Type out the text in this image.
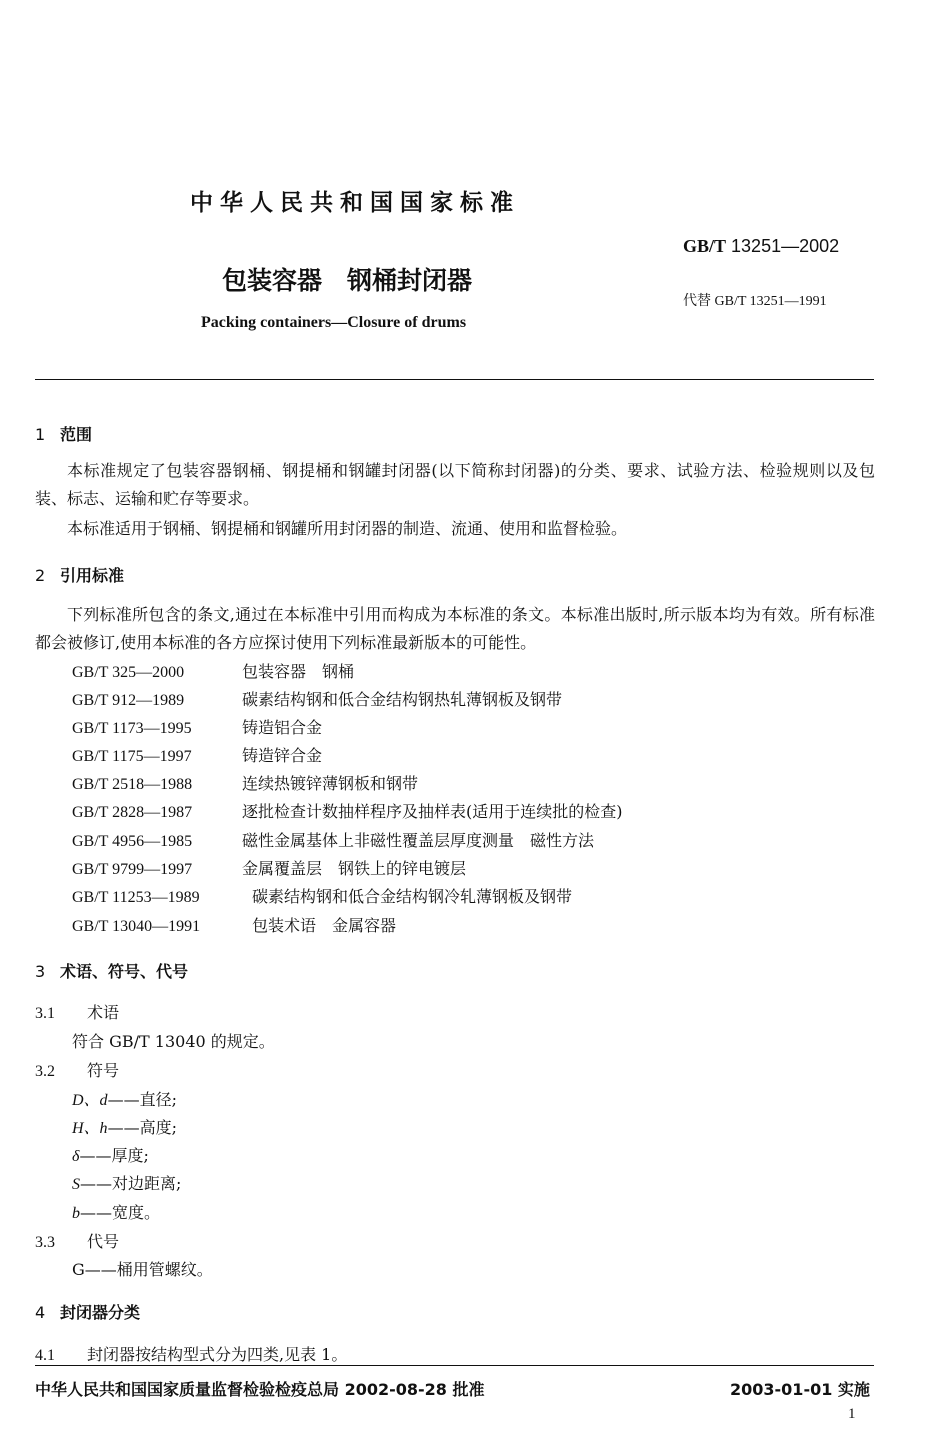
中华人民共和国国家标准
GB/T 13251—2002
包装容器　钢桶封闭器
代替 GB/T 13251—1991
Packing containers—Closure of drums
1 范围
本标准规定了包装容器钢桶、钢提桶和钢罐封闭器(以下简称封闭器)的分类、要求、试验方法、检验规则以及包装、标志、运输和贮存等要求。
本标准适用于钢桶、钢提桶和钢罐所用封闭器的制造、流通、使用和监督检验。
2 引用标准
下列标准所包含的条文,通过在本标准中引用而构成为本标准的条文。本标准出版时,所示版本均为有效。所有标准都会被修订,使用本标准的各方应探讨使用下列标准最新版本的可能性。
GB/T 325—2000	包装容器　钢桶
GB/T 912—1989	碳素结构钢和低合金结构钢热轧薄钢板及钢带
GB/T 1173—1995	铸造铝合金
GB/T 1175—1997	铸造锌合金
GB/T 2518—1988	连续热镀锌薄钢板和钢带
GB/T 2828—1987	逐批检查计数抽样程序及抽样表(适用于连续批的检查)
GB/T 4956—1985	磁性金属基体上非磁性覆盖层厚度测量　磁性方法
GB/T 9799—1997	金属覆盖层　钢铁上的锌电镀层
GB/T 11253—1989	碳素结构钢和低合金结构钢冷轧薄钢板及钢带
GB/T 13040—1991	包装术语　金属容器
3 术语、符号、代号
3.1 术语
符合 GB/T 13040 的规定。
3.2 符号
D、d——直径;
H、h——高度;
δ——厚度;
S——对边距离;
b——宽度。
3.3 代号
G——桶用管螺纹。
4 封闭器分类
4.1 封闭器按结构型式分为四类,见表 1。
中华人民共和国国家质量监督检验检疫总局 2002-08-28 批准	2003-01-01 实施
1
